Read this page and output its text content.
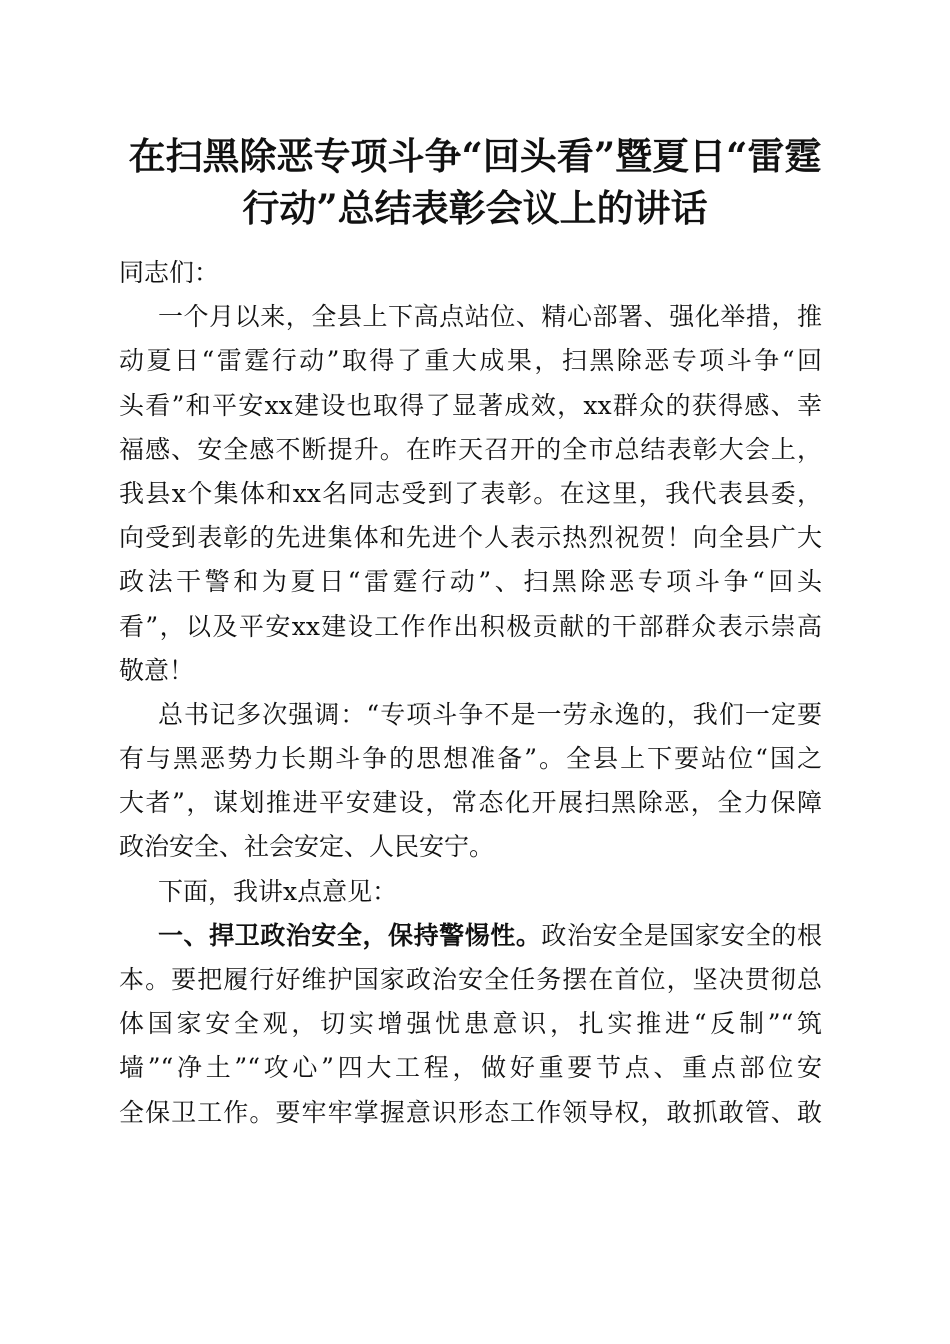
在扫黑除恶专项斗争“回头看”暨夏日“雷霆
行动”总结表彰会议上的讲话
同志们：
一个月以来，全县上下高点站位、精心部署、强化举措，推
动夏日“雷霆行动”取得了重大成果，扫黑除恶专项斗争“回
头看”和平安xx建设也取得了显著成效，xx群众的获得感、幸
福感、安全感不断提升。在昨天召开的全市总结表彰大会上，
我县x个集体和xx名同志受到了表彰。在这里，我代表县委，
向受到表彰的先进集体和先进个人表示热烈祝贺！向全县广大
政法干警和为夏日“雷霆行动”、扫黑除恶专项斗争“回头
看”，以及平安xx建设工作作出积极贡献的干部群众表示崇高
敬意！
总书记多次强调：“专项斗争不是一劳永逸的，我们一定要
有与黑恶势力长期斗争的思想准备”。全县上下要站位“国之
大者”，谋划推进平安建设，常态化开展扫黑除恶，全力保障
政治安全、社会安定、人民安宁。
下面，我讲x点意见：
一、捍卫政治安全，保持警惕性。政治安全是国家安全的根
本。要把履行好维护国家政治安全任务摆在首位，坚决贯彻总
体国家安全观，切实增强忧患意识，扎实推进“反制”“筑
墙”“净土”“攻心”四大工程，做好重要节点、重点部位安
全保卫工作。要牢牢掌握意识形态工作领导权，敢抓敢管、敢
